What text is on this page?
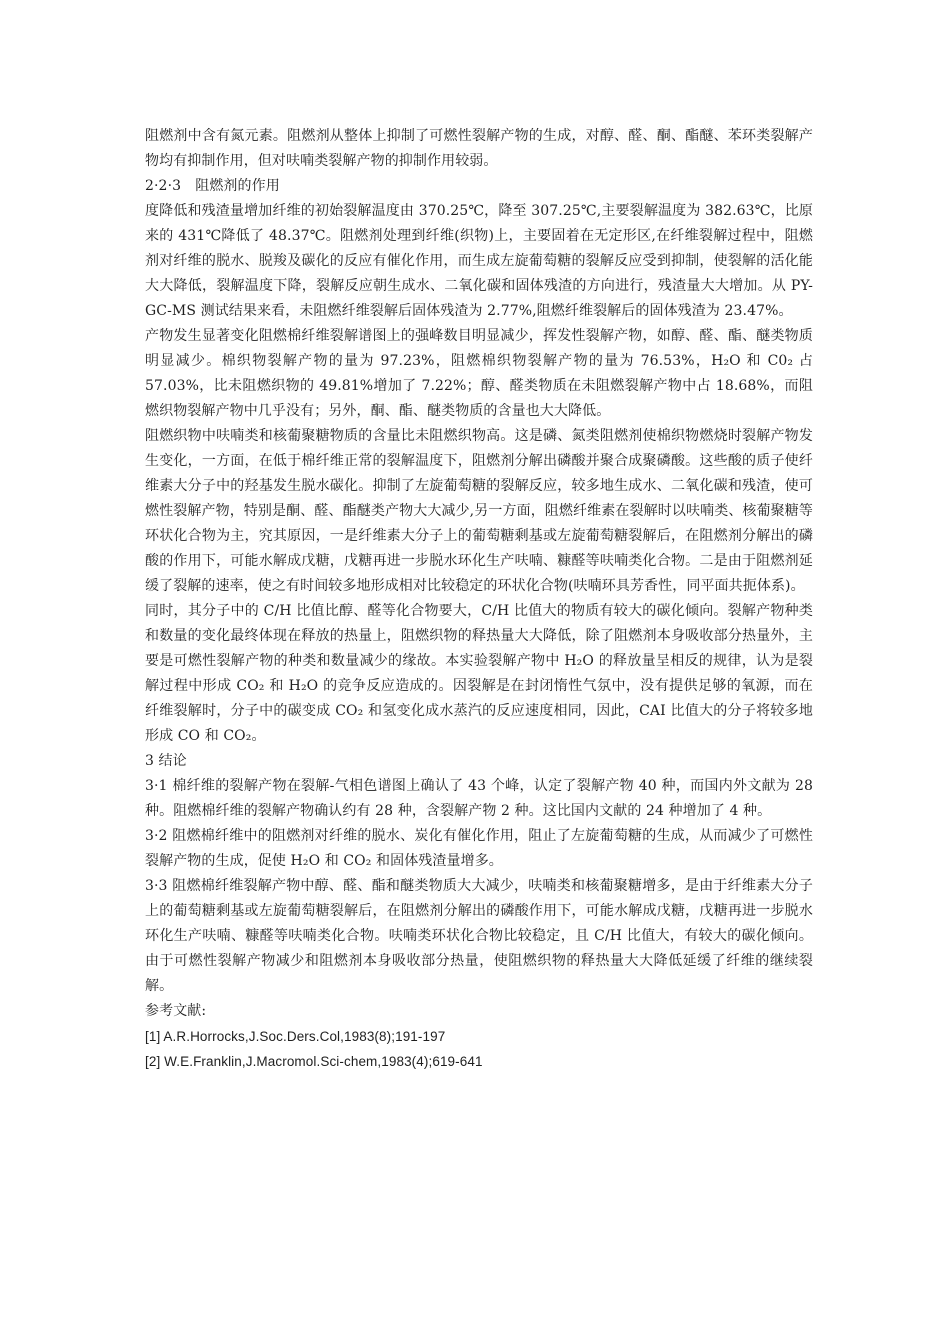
阻燃剂中含有氮元素。阻燃剂从整体上抑制了可燃性裂解产物的生成，对醇、醛、酮、酯醚、苯环类裂解产物均有抑制作用，但对呋喃类裂解产物的抑制作用较弱。

2·2·3　阻燃剂的作用

度降低和残渣量增加纤维的初始裂解温度由 370.25℃，降至 307.25℃,主要裂解温度为 382.63℃，比原来的 431℃降低了 48.37℃。阻燃剂处理到纤维(织物)上，主要固着在无定形区,在纤维裂解过程中，阻燃剂对纤维的脱水、脱羧及碳化的反应有催化作用，而生成左旋葡萄糖的裂解反应受到抑制，使裂解的活化能大大降低，裂解温度下降，裂解反应朝生成水、二氧化碳和固体残渣的方向进行，残渣量大大增加。从 PY-GC-MS 测试结果来看，未阻燃纤维裂解后固体残渣为 2.77%,阻燃纤维裂解后的固体残渣为 23.47%。

产物发生显著变化阻燃棉纤维裂解谱图上的强峰数目明显减少，挥发性裂解产物，如醇、醛、酯、醚类物质明显减少。棉织物裂解产物的量为 97.23%，阻燃棉织物裂解产物的量为 76.53%，H₂O 和 C0₂ 占 57.03%，比未阻燃织物的 49.81%增加了 7.22%；醇、醛类物质在未阻燃裂解产物中占 18.68%，而阻燃织物裂解产物中几乎没有；另外，酮、酯、醚类物质的含量也大大降低。

阻燃织物中呋喃类和核葡聚糖物质的含量比未阻燃织物高。这是磷、氮类阻燃剂使棉织物燃烧时裂解产物发生变化，一方面，在低于棉纤维正常的裂解温度下，阻燃剂分解出磷酸并聚合成聚磷酸。这些酸的质子使纤维素大分子中的羟基发生脱水碳化。抑制了左旋葡萄糖的裂解反应，较多地生成水、二氧化碳和残渣，使可燃性裂解产物，特别是酮、醛、酯醚类产物大大减少,另一方面，阻燃纤维素在裂解时以呋喃类、核葡聚糖等环状化合物为主，究其原因，一是纤维素大分子上的葡萄糖剩基或左旋葡萄糖裂解后，在阻燃剂分解出的磷酸的作用下，可能水解成戊糖，戊糖再进一步脱水环化生产呋喃、糠醛等呋喃类化合物。二是由于阻燃剂延缓了裂解的速率，使之有时间较多地形成相对比较稳定的环状化合物(呋喃环具芳香性，同平面共扼体系)。

同时，其分子中的 C/H 比值比醇、醛等化合物要大，C/H 比值大的物质有较大的碳化倾向。裂解产物种类和数量的变化最终体现在释放的热量上，阻燃织物的释热量大大降低，除了阻燃剂本身吸收部分热量外，主要是可燃性裂解产物的种类和数量减少的缘故。本实验裂解产物中 H₂O 的释放量呈相反的规律，认为是裂解过程中形成 CO₂ 和 H₂O 的竞争反应造成的。因裂解是在封闭惰性气氛中，没有提供足够的氧源，而在纤维裂解时，分子中的碳变成 CO₂ 和氢变化成水蒸汽的反应速度相同，因此，CAI 比值大的分子将较多地形成 CO 和 CO₂。

3 结论

3·1 棉纤维的裂解产物在裂解-气相色谱图上确认了 43 个峰，认定了裂解产物 40 种，而国内外文献为 28 种。阻燃棉纤维的裂解产物确认约有 28 种，含裂解产物 2 种。这比国内文献的 24 种增加了 4 种。

3·2 阻燃棉纤维中的阻燃剂对纤维的脱水、炭化有催化作用，阻止了左旋葡萄糖的生成，从而减少了可燃性裂解产物的生成，促使 H₂O 和 CO₂ 和固体残渣量增多。

3·3 阻燃棉纤维裂解产物中醇、醛、酯和醚类物质大大减少，呋喃类和核葡聚糖增多，是由于纤维素大分子上的葡萄糖剩基或左旋葡萄糖裂解后，在阻燃剂分解出的磷酸作用下，可能水解成戊糖，戊糖再进一步脱水环化生产呋喃、糠醛等呋喃类化合物。呋喃类环状化合物比较稳定，且 C/H 比值大，有较大的碳化倾向。由于可燃性裂解产物减少和阻燃剂本身吸收部分热量，使阻燃织物的释热量大大降低延缓了纤维的继续裂解。

参考文献:

[1] A.R.Horrocks,J.Soc.Ders.Col,1983(8);191-197

[2] W.E.Franklin,J.Macromol.Sci-chem,1983(4);619-641
